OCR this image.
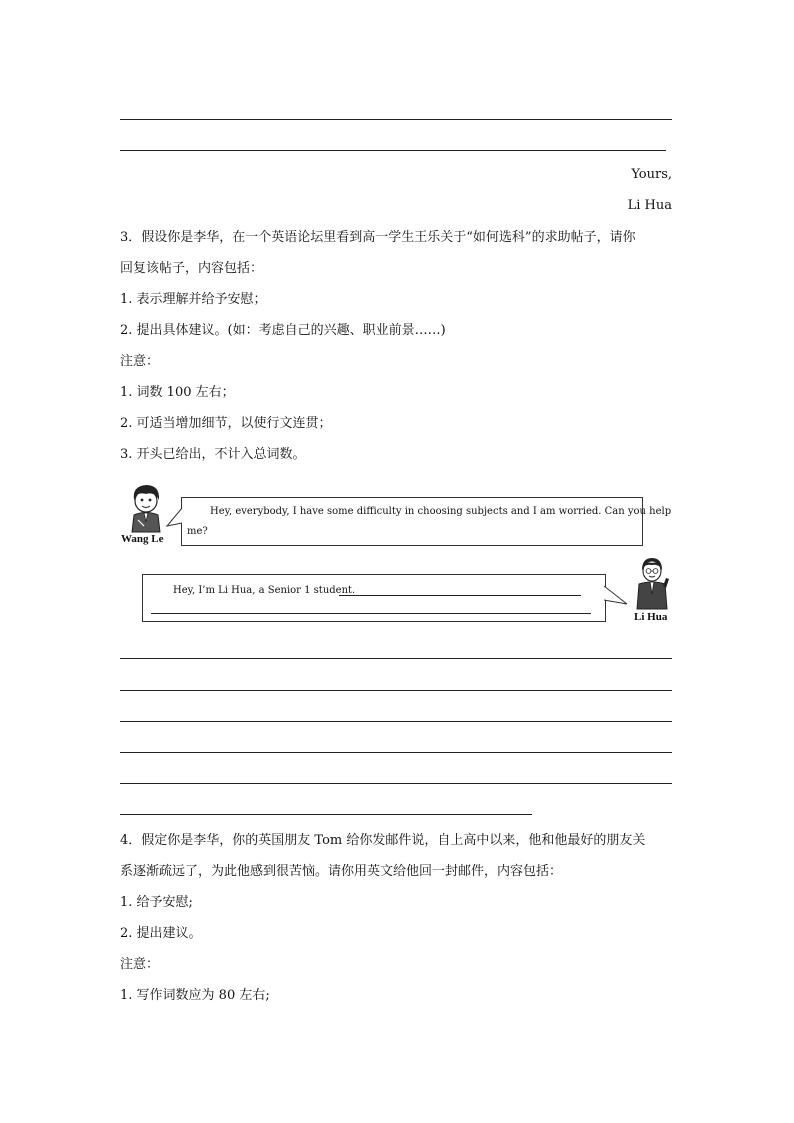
Yours,
Li Hua
3．假设你是李华，在一个英语论坛里看到高一学生王乐关于“如何选科”的求助帖子，请你
回复该帖子，内容包括：
1. 表示理解并给予安慰；
2. 提出具体建议。(如：考虑自己的兴趣、职业前景……)
注意：
1. 词数 100 左右；
2. 可适当增加细节，以使行文连贯；
3. 开头已给出，不计入总词数。
Wang Le
Hey, everybody, I have some difficulty in choosing subjects and I am worried. Can you help
me?
Hey, I’m Li Hua, a Senior 1 student.
Li Hua
4．假定你是李华，你的英国朋友 Tom 给你发邮件说，自上高中以来，他和他最好的朋友关
系逐渐疏远了，为此他感到很苦恼。请你用英文给他回一封邮件，内容包括：
1. 给予安慰;
2. 提出建议。
注意：
1. 写作词数应为 80 左右;
